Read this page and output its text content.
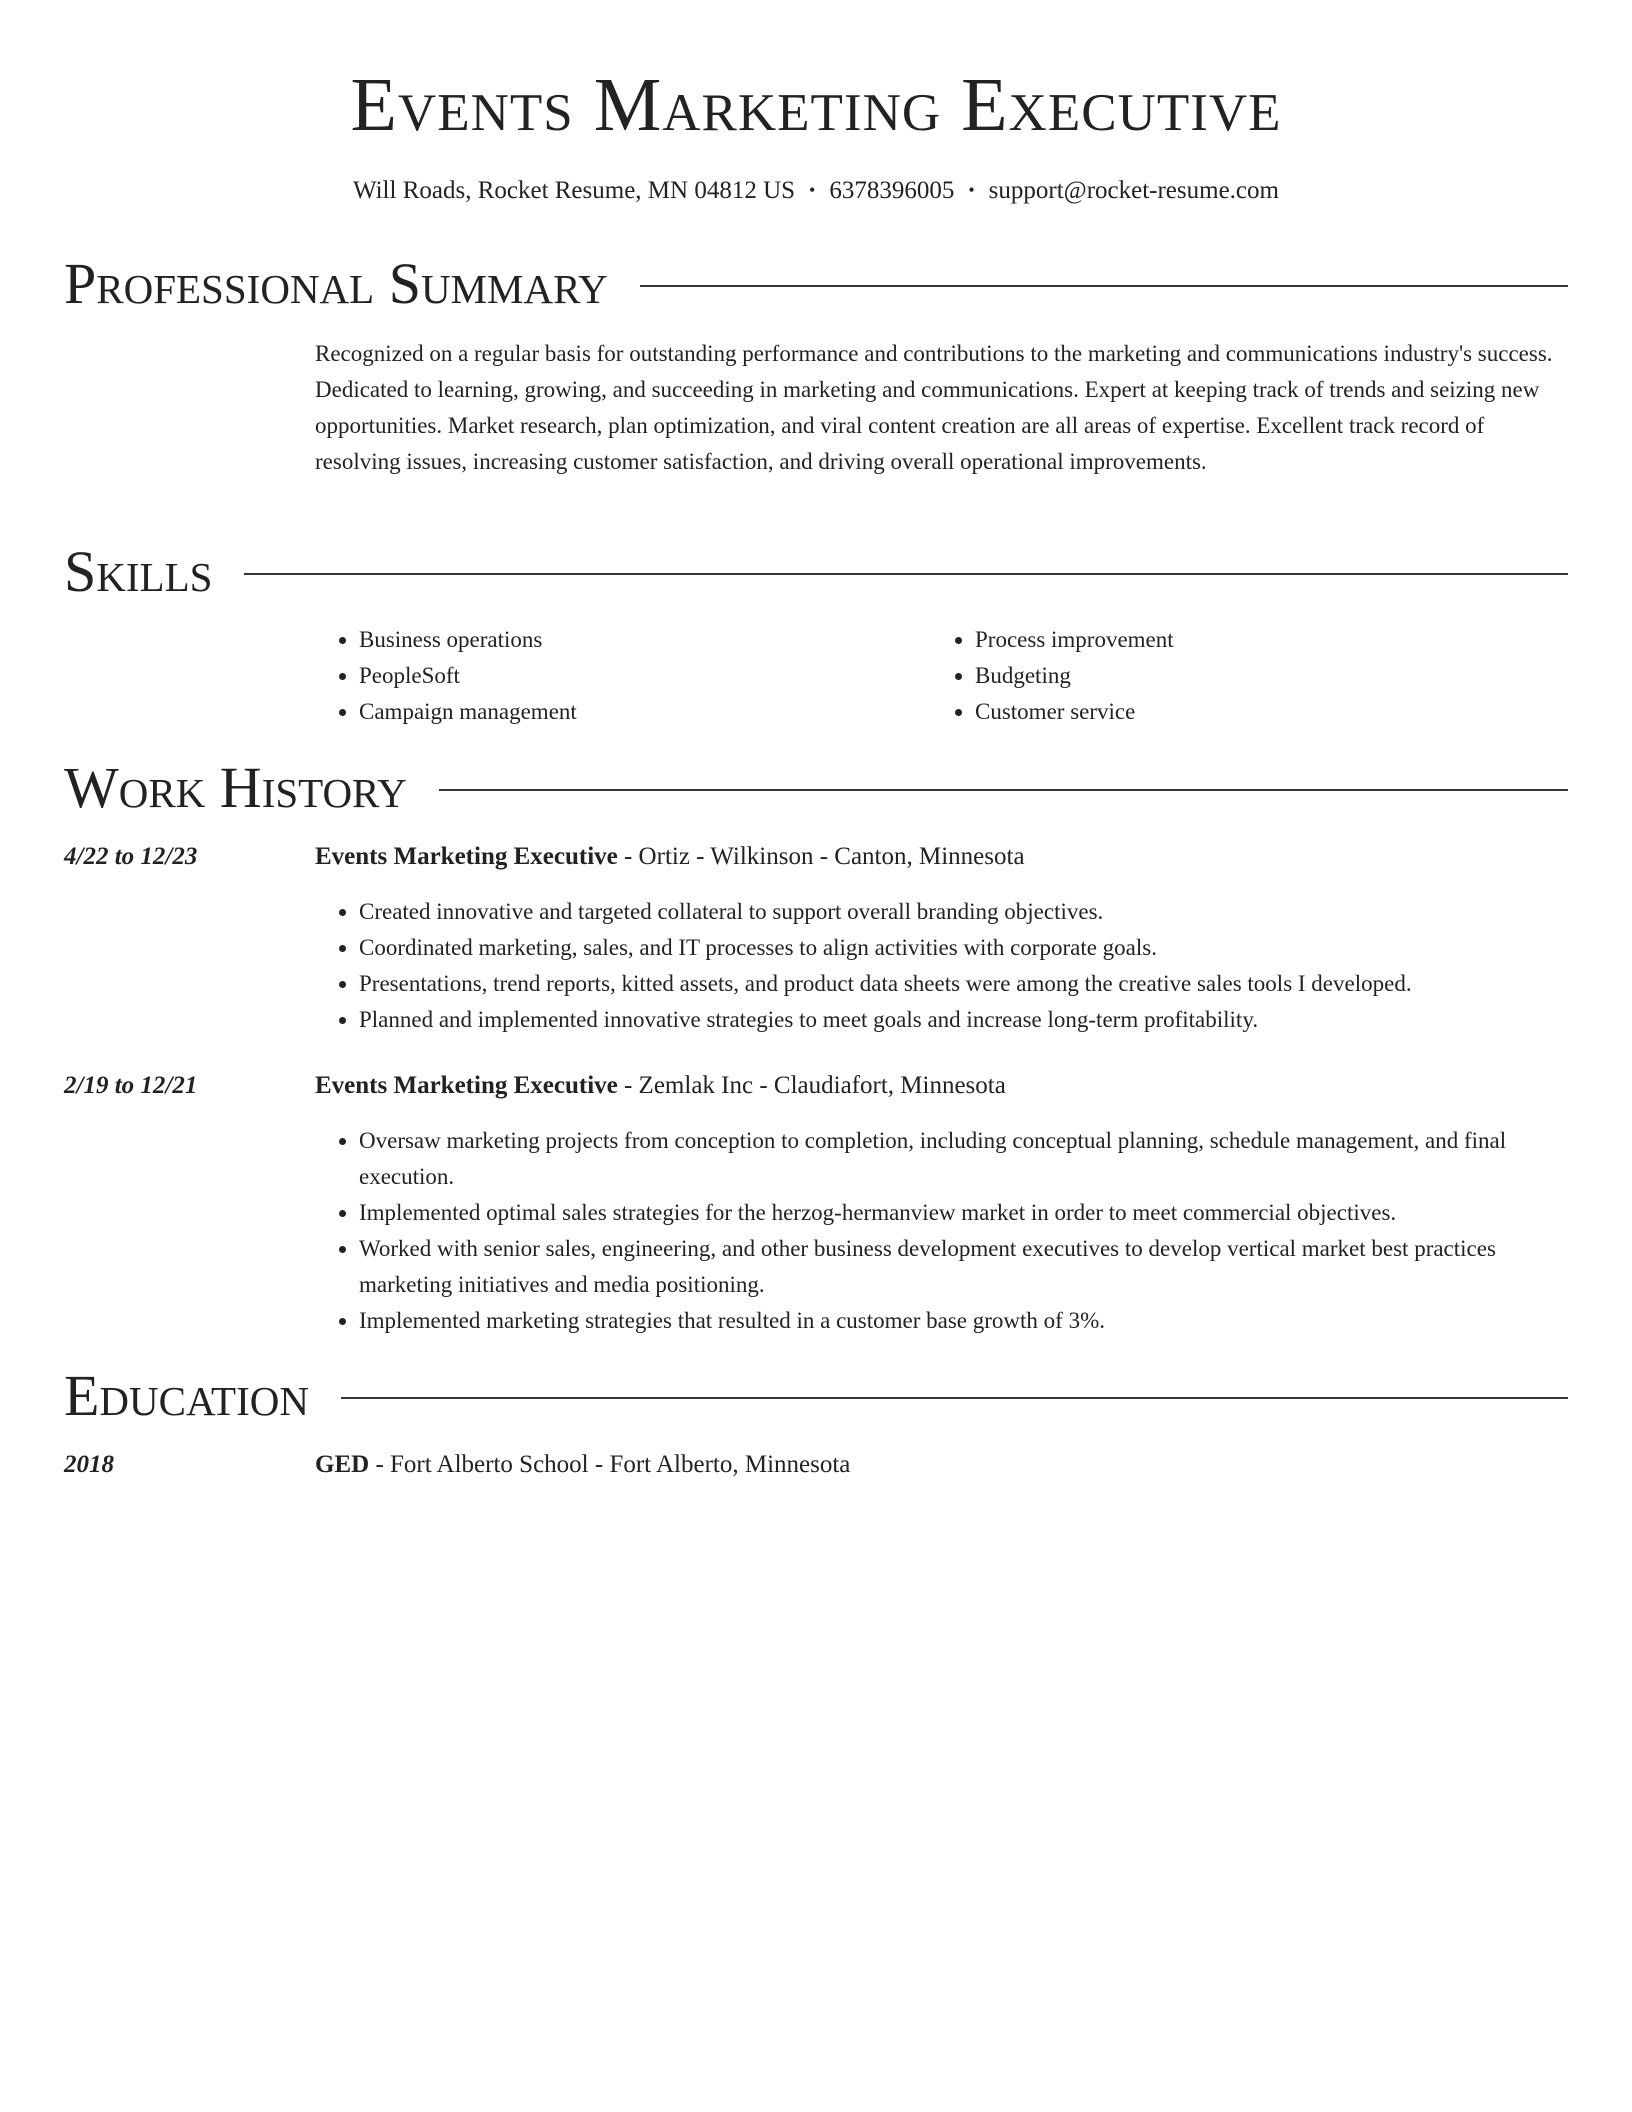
Events Marketing Executive
Will Roads, Rocket Resume, MN 04812 US • 6378396005 • support@rocket-resume.com
Professional Summary

Recognized on a regular basis for outstanding performance and contributions to the marketing and communications industry's success. Dedicated to learning, growing, and succeeding in marketing and communications. Expert at keeping track of trends and seizing new opportunities. Market research, plan optimization, and viral content creation are all areas of expertise. Excellent track record of resolving issues, increasing customer satisfaction, and driving overall operational improvements.

Skills
• Business operations
• PeopleSoft
• Campaign management
• Process improvement
• Budgeting
• Customer service
Work History
4/22 to 12/23	Events Marketing Executive - Ortiz - Wilkinson - Canton, Minnesota
• Created innovative and targeted collateral to support overall branding objectives.
• Coordinated marketing, sales, and IT processes to align activities with corporate goals.
• Presentations, trend reports, kitted assets, and product data sheets were among the creative sales tools I developed.
• Planned and implemented innovative strategies to meet goals and increase long-term profitability.
2/19 to 12/21	Events Marketing Executive - Zemlak Inc - Claudiafort, Minnesota
• Oversaw marketing projects from conception to completion, including conceptual planning, schedule management, and final execution.
• Implemented optimal sales strategies for the herzog-hermanview market in order to meet commercial objectives.
• Worked with senior sales, engineering, and other business development executives to develop vertical market best practices marketing initiatives and media positioning.
• Implemented marketing strategies that resulted in a customer base growth of 3%.
Education
2018	GED - Fort Alberto School - Fort Alberto, Minnesota
